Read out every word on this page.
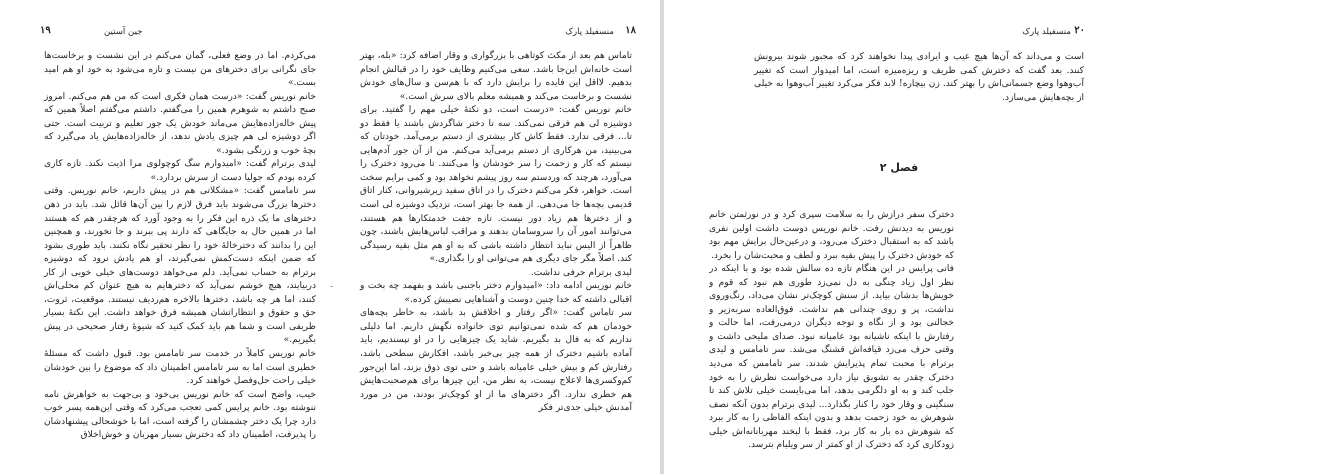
۱۹	جین آستین

می‌کردم. اما در وضع فعلی، گمان می‌کنم در این نشست و برخاست‌ها جای نگرانی برای دخترهای من نیست و تازه می‌شود به خود او هم امید بست.»

خانم نوریس گفت: «درست همان فکری است که من هم می‌کنم. امروز صبح داشتم به شوهرم همین را می‌گفتم. داشتم می‌گفتم اصلاً همین که پیش خاله‌زاده‌هایش می‌ماند خودش یک جور تعلیم و تربیت است. حتی اگر دوشیزه لی هم چیزی یادش ندهد، از خاله‌زاده‌هایش یاد می‌گیرد که بچهٔ خوب و زرنگی بشود.»

لیدی برترام گفت: «امیدوارم سگ کوچولوی مرا اذیت نکند. تازه کاری کرده بودم که جولیا دست از سرش بردارد.»

سر تامامس گفت: «مشکلاتی هم در پیش داریم، خانم نوریس. وقتی دخترها بزرگ می‌شوند باید فرق لازم را بین آن‌ها قائل شد. باید در ذهن دخترهای ما یک ذره این فکر را به وجود آورد که هرچقدر هم که هستند اما در همین حال به جایگاهی که دارند پی ببرند و جا نخورند، و همچنین این را بدانند که دخترخالهٔ خود را نظر تحقیر نگاه نکنند. باید طوری بشود که ضمن اینکه دست‌کمش نمی‌گیرند، او هم یادش نرود که دوشیزه برترام به حساب نمی‌آید. دلم می‌خواهد دوست‌های خیلی خوبی از کار دربیایند، هیچ خوشم نمی‌آید که دخترهایم به هیچ عنوان کم محلی‌اش کنند، اما هر چه باشد، دخترها بالاخره هم‌ردیف نیستند. موقعیت، ثروت، حق و حقوق و انتظاراتشان همیشه فرق خواهد داشت. این نکتهٔ بسیار ظریفی است و شما هم باید کمک کنید که شیوهٔ رفتار صحیحی در پیش بگیریم.»

خانم نوریس کاملاً در خدمت سر تامامس بود. قبول داشت که مسئلهٔ خطیری است اما به سر تامامس اطمینان داد که موضوع را بین خودشان خیلی راحت حل‌وفصل خواهند کرد.

خیب، واضح است که خانم نوریس بی‌خود و بی‌جهت به خواهرش نامه ننوشته بود. خانم پرایس کمی تعجب می‌کرد که وقتی این‌همه پسر خوب دارد چرا یک دختر چشمشان را گرفته است، اما با خوشحالی پیشنهادشان را پذیرفت، اطمینان داد که دخترش بسیار مهربان و خوش‌اخلاق

منسفیلد پارک ۱۸

تاماس هم بعد از مکث کوتاهی با بزرگواری و وقار اضافه کرد: «بله، بهتر است خانه‌اش این‌جا باشد. سعی می‌کنیم وظایف خود را در قبالش انجام بدهیم. لااقل این فایده را برایش دارد که با هم‌سن و سال‌های خودش نشست و برخاست می‌کند و همیشه معلم بالای سرش است.»

خانم نوریس گفت: «درست است، دو نکتهٔ خیلی مهم را گفتید. برای دوشیزه لی هم فرقی نمی‌کند. سه تا دختر شاگردش باشند یا فقط دو تا... فرقی ندارد. فقط کاش کار بیشتری از دستم برمی‌آمد. خودتان که می‌بینید، من هرکاری از دستم برمی‌آید می‌کنم. من از آن جور آدم‌هایی نیستم که کار و زحمت را سر خودشان وا می‌کنند. تا می‌رود دخترک را می‌آورد، هرچند که وردستم سه روز پیشم نخواهد بود و کمی برایم سخت است. خواهر، فکر می‌کنم دخترک را در اتاق سفید زیرشیروانی، کنار اتاق قدیمی بچه‌ها جا می‌دهی. از همه جا بهتر است، نزدیک دوشیزه لی است و از دخترها هم زیاد دور نیست. تازه جفت خدمتکارها هم هستند، می‌توانند امور آن را سروسامان بدهند و مراقب لباس‌هایش باشند، چون ظاهراً از الیس نباید انتظار داشته باشی که به او هم مثل بقیه رسیدگی کند. اصلاً مگر جای دیگری هم می‌توانی او را بگذاری.»

لیدی برترام حرفی نداشت.

خانم نوریس ادامه داد: «امیدوارم دختر باجنبی باشد و بفهمد چه بخت و اقبالی داشته که خدا چنین دوست و آشناهایی نصیبش کرده.»

سر تاماس گفت: «اگر رفتار و اخلاقش بد باشد، به خاطر بچه‌های خودمان هم که شده نمی‌توانیم توی خانواده نگهش داریم. اما دلیلی نداریم که به فال بد بگیریم. شاید یک چیزهایی را در او نپسندیم، باید آماده باشیم دخترک از همه چیز بی‌خبر باشد، افکارش سطحی باشد، رفتارش کم و بیش خیلی عامیانه باشد و حتی توی ذوق بزند، اما این‌جور کم‌وکسری‌ها لاعلاج نیست، به نظر من، این چیزها برای هم‌صحبت‌هایش هم خطری ندارد. اگر دخترهای ما از او کوچک‌تر بودند، من در مورد آمدنش خیلی جدی‌تر فکر

منسفیلد پارک ۲۰

است و می‌داند که آن‌ها هیچ عیب و ایرادی پیدا نخواهند کرد که مجبور شوند بیرونش کنند. بعد گفت که دخترش کمی ظریف و ریزه‌میزه است، اما امیدوار است که تغییر آب‌وهوا وضع جسمانی‌اش را بهتر کند. زن بیچاره! لابد فکر می‌کرد تغییر آب‌وهوا به خیلی از بچه‌هایش می‌سازد.

فصل ۲

دخترک سفر درازش را به سلامت سپری کرد و در نورثمتن خانم نوریس به دیدنش رفت. خانم نوریس دوست داشت اولین نفری باشد که به استقبال دخترک می‌رود، و درعین‌حال برایش مهم بود که خودش دخترک را پیش بقیه ببرد و لطف و محبت‌شان را بخرد.

فانی پرایس در این هنگام تازه ده سالش شده بود و با اینکه در نظر اول زیاد چنگی به دل نمی‌زد طوری هم نبود که قوم و خویش‌ها بدشان بیاید. از سنش کوچک‌تر نشان می‌داد، رنگ‌وروی نداشت، پر و روی چندانی هم نداشت. فوق‌العاده سربه‌زیر و خجالتی بود و از نگاه و توجه دیگران درمی‌رفت، اما حالت و رفتارش با اینکه ناشیانه بود عامیانه نبود. صدای ملیحی داشت و وقتی حرف می‌زد قیافه‌اش قشنگ می‌شد. سر تامامس و لیدی برترام با محبت تمام پذیرایش شدند. سر تامامس که می‌دید دخترک چقدر به تشویق نیاز دارد می‌خواست نظرش را به خود جلب کند و به او دلگرمی بدهد، اما می‌بایست خیلی تلاش کند تا سنگینی و وقار خود را کنار بگذارد... لیدی برترام بدون آنکه نصف شوهرش به خود زحمت بدهد و بدون اینکه الفاظی را به کار ببرد که شوهرش ده بار به کار برد، فقط با لبخند مهربانانه‌اش خیلی زودکاری کرد که دخترک از او کمتر از سر ویلیام بترسد.
